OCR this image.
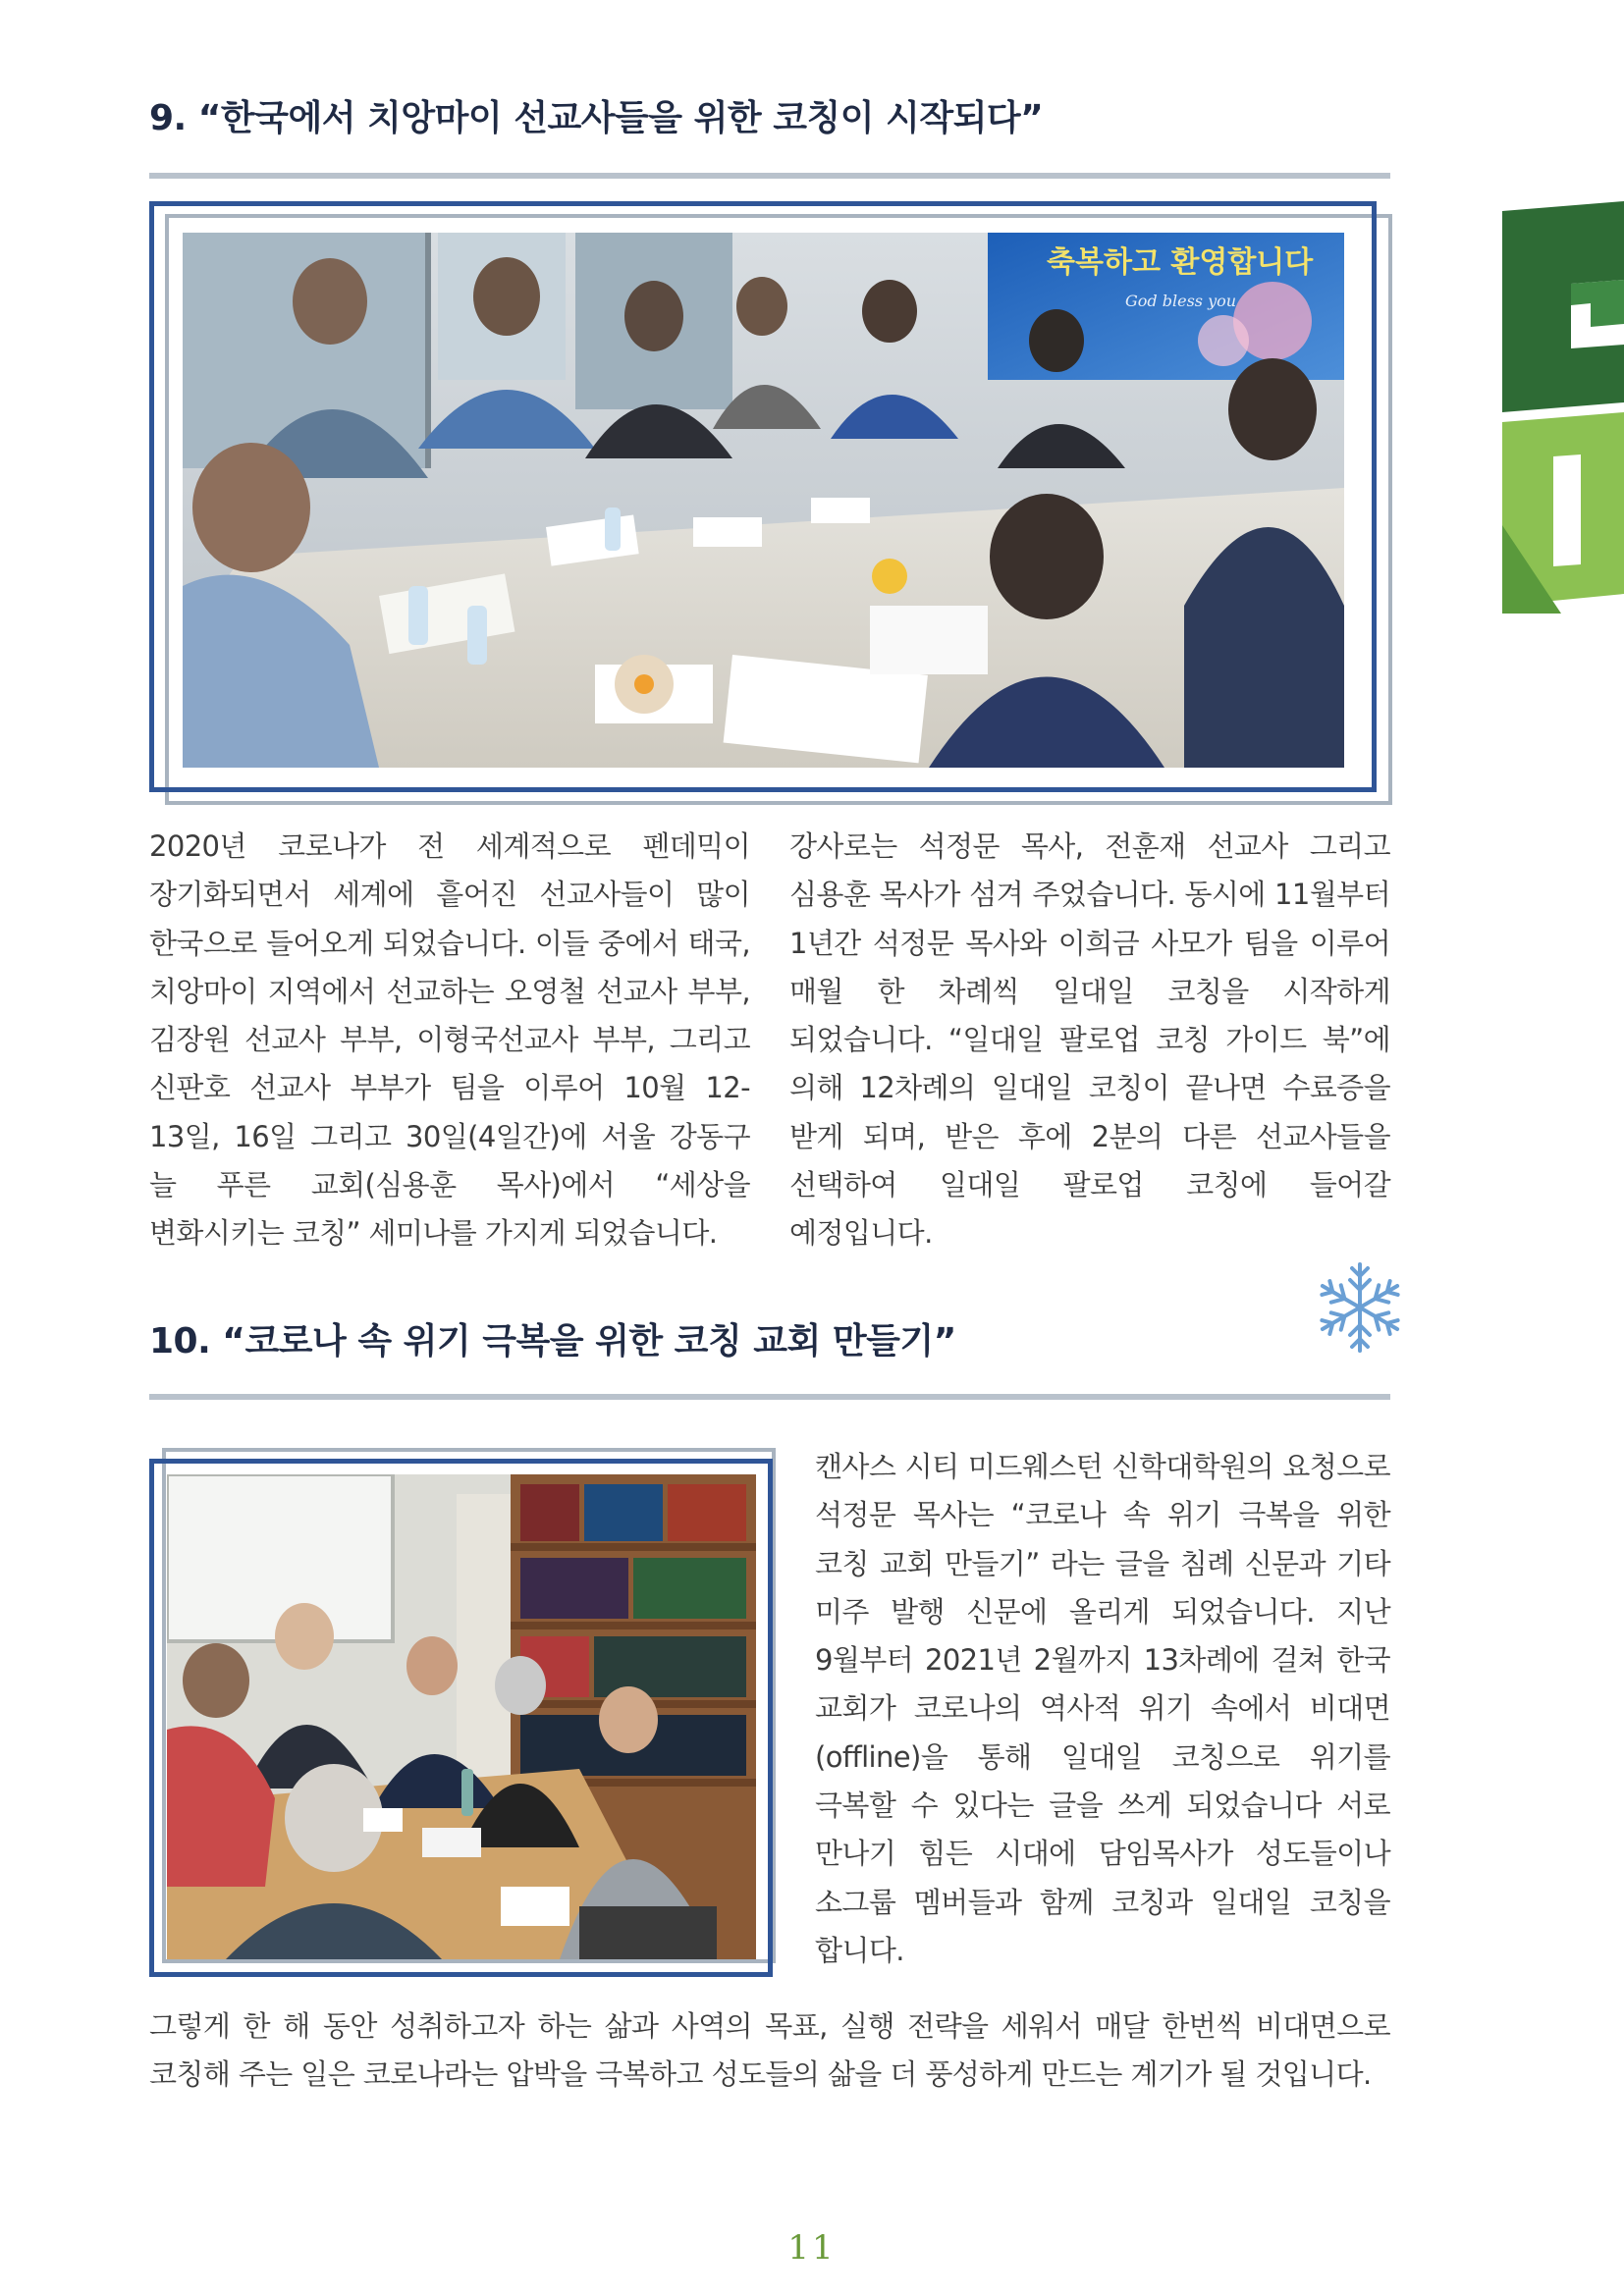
9. “한국에서 치앙마이 선교사들을 위한 코칭이 시작되다”
축복하고 환영합니다
God bless you

2020년 코로나가 전 세계적으로 펜데믹이 장기화되면서 세계에 흩어진 선교사들이 많이 한국으로 들어오게 되었습니다. 이들 중에서 태국, 치앙마이 지역에서 선교하는 오영철 선교사 부부, 김장원 선교사 부부, 이형국선교사 부부, 그리고 신판호 선교사 부부가 팀을 이루어 10월 12-13일, 16일 그리고 30일(4일간)에 서울 강동구 늘 푸른 교회(심용훈 목사)에서 “세상을 변화시키는 코칭” 세미나를 가지게 되었습니다.

강사로는 석정문 목사, 전훈재 선교사 그리고 심용훈 목사가 섬겨 주었습니다. 동시에 11월부터 1년간 석정문 목사와 이희금 사모가 팀을 이루어 매월 한 차례씩 일대일 코칭을 시작하게 되었습니다. “일대일 팔로업 코칭 가이드 북”에 의해 12차례의 일대일 코칭이 끝나면 수료증을 받게 되며, 받은 후에 2분의 다른 선교사들을 선택하여 일대일 팔로업 코칭에 들어갈 예정입니다.

10. “코로나 속 위기 극복을 위한 코칭 교회 만들기”

캔사스 시티 미드웨스턴 신학대학원의 요청으로 석정문 목사는 “코로나 속 위기 극복을 위한 코칭 교회 만들기” 라는 글을 침례 신문과 기타 미주 발행 신문에 올리게 되었습니다. 지난 9월부터 2021년 2월까지 13차례에 걸쳐 한국 교회가 코로나의 역사적 위기 속에서 비대면(offline)을 통해 일대일 코칭으로 위기를 극복할 수 있다는 글을 쓰게 되었습니다 서로 만나기 힘든 시대에 담임목사가 성도들이나 소그룹 멤버들과 함께 코칭과 일대일 코칭을 합니다.

그렇게 한 해 동안 성취하고자 하는 삶과 사역의 목표, 실행 전략을 세워서 매달 한번씩 비대면으로 코칭해 주는 일은 코로나라는 압박을 극복하고 성도들의 삶을 더 풍성하게 만드는 계기가 될 것입니다.

11
